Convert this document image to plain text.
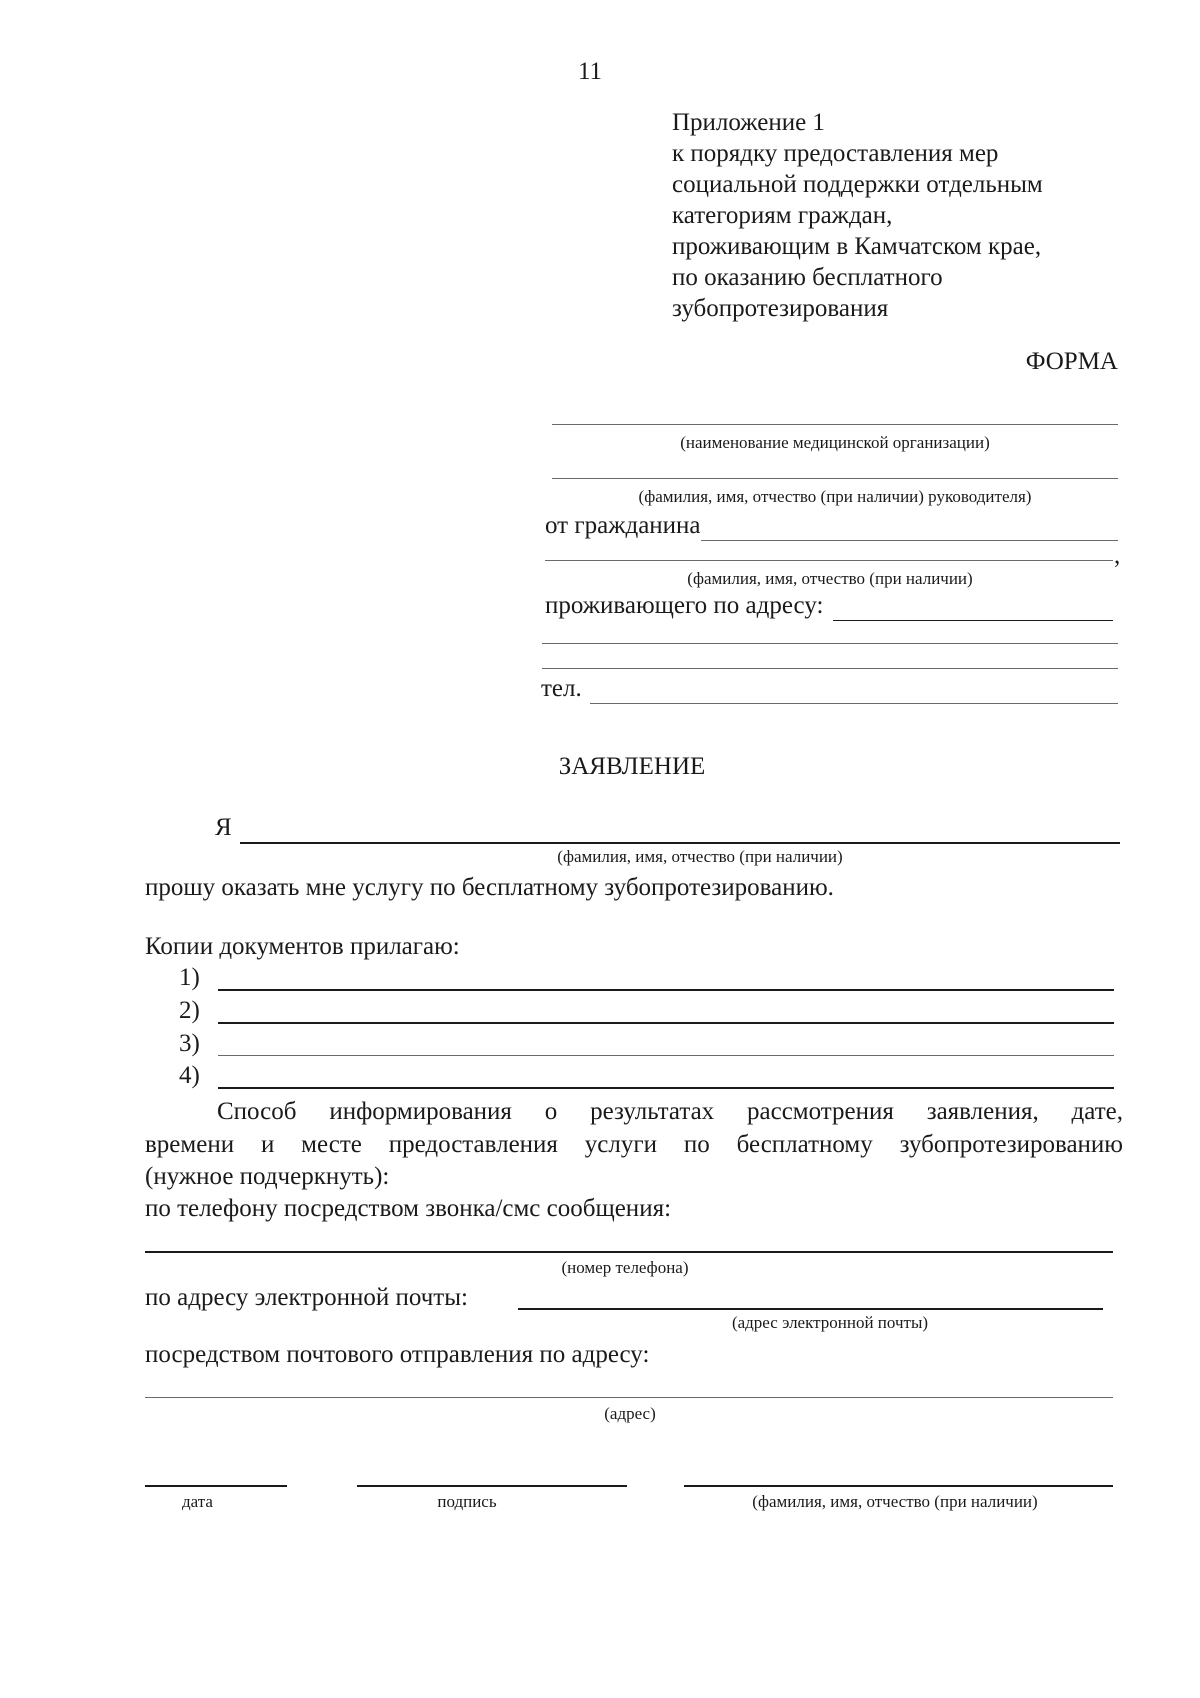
11
Приложение 1
к порядку предоставления мер
социальной поддержки отдельным
категориям граждан,
проживающим в Камчатском крае,
по оказанию бесплатного
зубопротезирования
ФОРМА
(наименование медицинской организации)
(фамилия, имя, отчество (при наличии) руководителя)
от гражданина
,
(фамилия, имя, отчество (при наличии)
проживающего по адресу:
тел.
ЗАЯВЛЕНИЕ
Я
(фамилия, имя, отчество (при наличии)
прошу оказать мне услугу по бесплатному зубопротезированию.
Копии документов прилагаю:
1)
2)
3)
4)
Способ информирования о результатах рассмотрения заявления, дате,
времени и месте предоставления услуги по бесплатному зубопротезированию
(нужное подчеркнуть):
по телефону посредством звонка/смс сообщения:
(номер телефона)
по адресу электронной почты:
(адрес электронной почты)
посредством почтового отправления по адресу:
(адрес)
дата	подпись	(фамилия, имя, отчество (при наличии)
